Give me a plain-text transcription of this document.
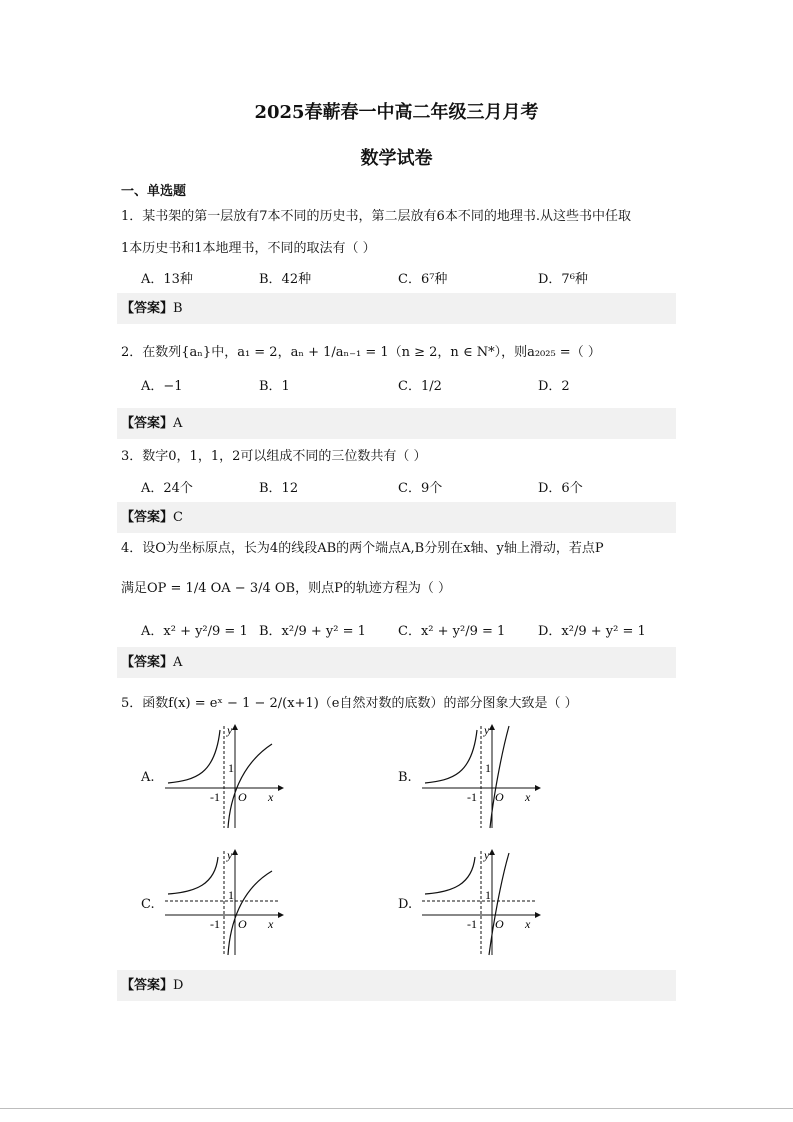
2025春蕲春一中高二年级三月月考
数学试卷
一、单选题
1．某书架的第一层放有7本不同的历史书，第二层放有6本不同的地理书.从这些书中任取
1本历史书和1本地理书，不同的取法有（ ）
A．13种	B．42种	C．6⁷种	D．7⁶种
【答案】B
2．在数列{aₙ}中，a₁ = 2，aₙ + 1/aₙ₋₁ = 1（n ≥ 2，n ∈ N*），则a₂₀₂₅ =（ ）
A．−1	B．1	C．1/2	D．2
【答案】A
3．数字0，1，1，2可以组成不同的三位数共有（ ）
A．24个	B．12	C．9个	D．6个
【答案】C
4．设O为坐标原点，长为4的线段AB的两个端点A,B分别在x轴、y轴上滑动，若点P
满足OP = 1/4 OA − 3/4 OB，则点P的轨迹方程为（ ）
A．x² + y²/9 = 1 B．x²/9 + y² = 1 C．x² + y²/9 = 1	D．x²/9 + y² = 1
【答案】A
5．函数f(x) = eˣ − 1 − 2/(x+1)（e自然对数的底数）的部分图象大致是（ ）
A.	B.
C.	D.
y
1
-1 O x
y
1
-1 O x
y
1
-1 O x
y
1
-1 O x
【答案】D
